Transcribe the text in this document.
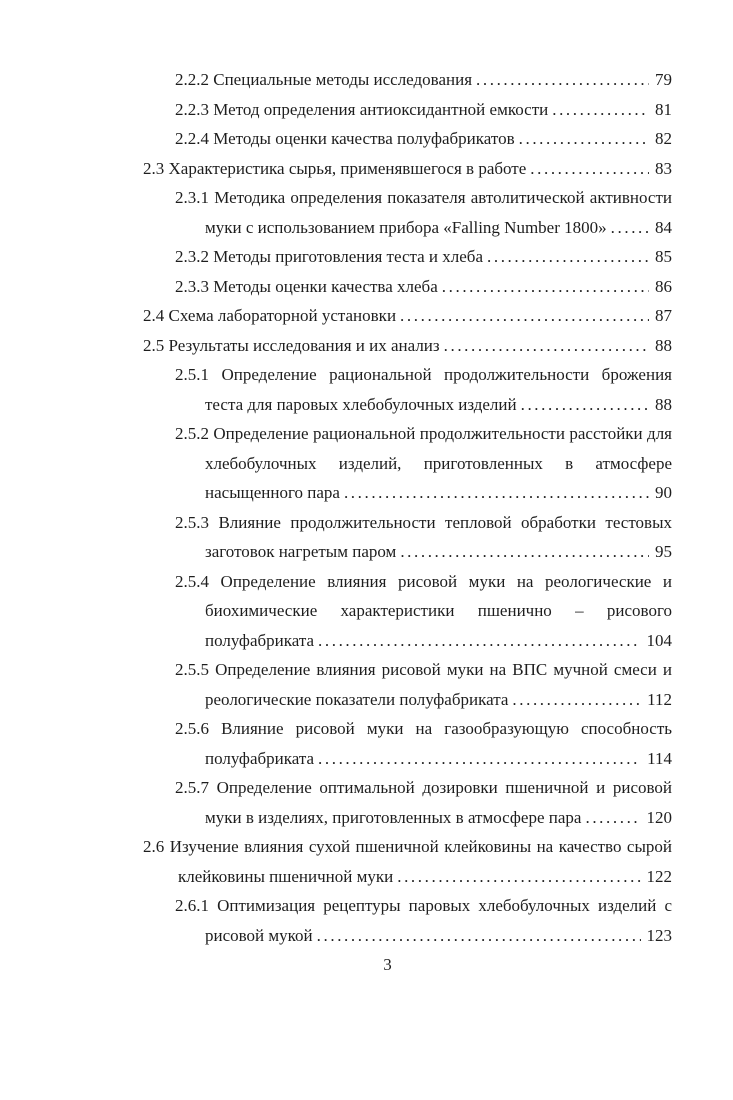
2.2.2 Специальные методы исследования .....	79
2.2.3 Метод определения антиоксидантной емкости .....	81
2.2.4 Методы оценки качества полуфабрикатов .....	82
2.3 Характеристика сырья, применявшегося в работе .....	83
2.3.1 Методика определения показателя автолитической активности
муки с использованием прибора «Falling Number 1800» .....	84
2.3.2 Методы приготовления теста и хлеба .....	85
2.3.3 Методы оценки качества хлеба .....	86
2.4 Схема лабораторной установки .....	87
2.5 Результаты исследования и их анализ .....	88
2.5.1 Определение рациональной продолжительности брожения
теста для паровых хлебобулочных изделий .....	88
2.5.2 Определение рациональной продолжительности расстойки для
хлебобулочных изделий, приготовленных в атмосфере
насыщенного пара .....	90
2.5.3 Влияние продолжительности тепловой обработки тестовых
заготовок нагретым паром .....	95
2.5.4 Определение влияния рисовой муки на реологические и
биохимические характеристики пшенично – рисового
полуфабриката .....	104
2.5.5 Определение влияния рисовой муки на ВПС мучной смеси и
реологические показатели полуфабриката .....	112
2.5.6 Влияние рисовой муки на газообразующую способность
полуфабриката .....	114
2.5.7 Определение оптимальной дозировки пшеничной и рисовой
муки в изделиях, приготовленных в атмосфере пара .....	120
2.6 Изучение влияния сухой пшеничной клейковины на качество сырой
клейковины пшеничной муки .....	122
2.6.1 Оптимизация рецептуры паровых хлебобулочных изделий с
рисовой мукой .....	123
3
